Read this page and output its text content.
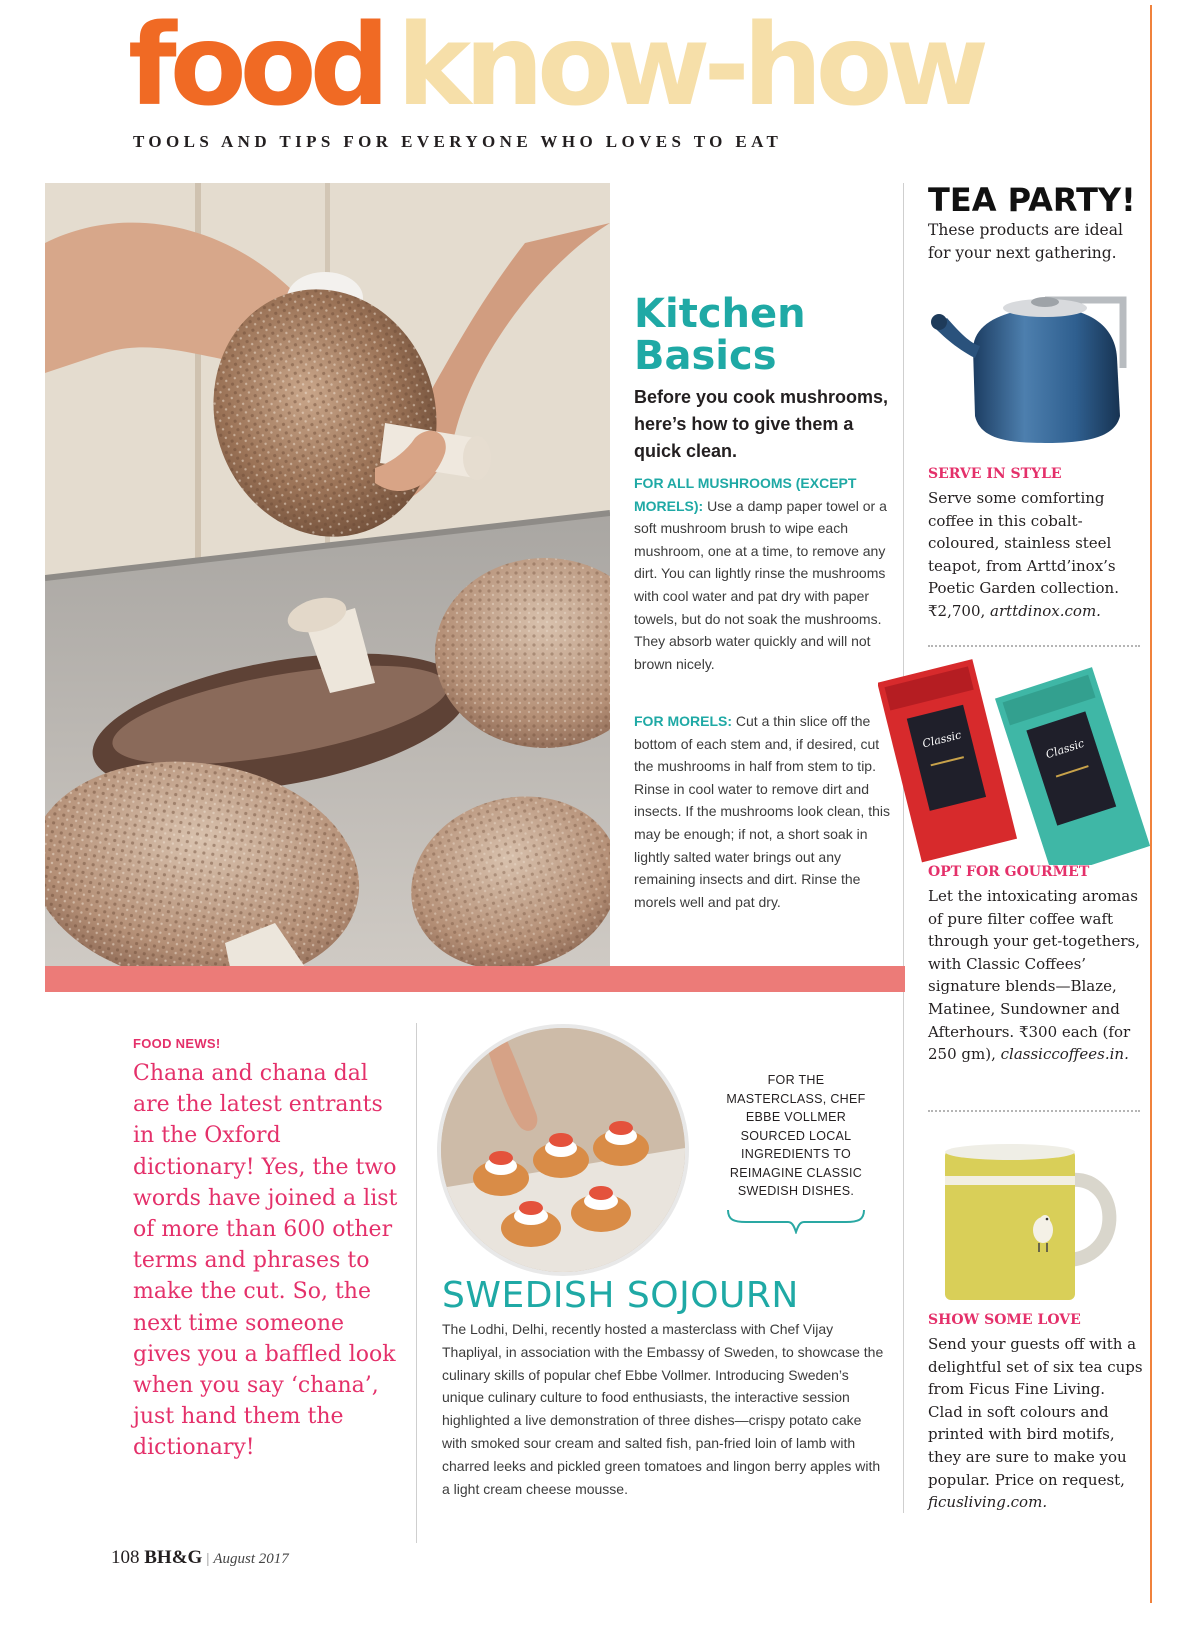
food know-how
TOOLS AND TIPS FOR EVERYONE WHO LOVES TO EAT
Kitchen Basics
Before you cook mushrooms, here’s how to give them a quick clean.
FOR ALL MUSHROOMS (EXCEPT MORELS): Use a damp paper towel or a soft mushroom brush to wipe each mushroom, one at a time, to remove any dirt. You can lightly rinse the mushrooms with cool water and pat dry with paper towels, but do not soak the mushrooms. They absorb water quickly and will not brown nicely.
FOR MORELS: Cut a thin slice off the bottom of each stem and, if desired, cut the mushrooms in half from stem to tip. Rinse in cool water to remove dirt and insects. If the mushrooms look clean, this may be enough; if not, a short soak in lightly salted water brings out any remaining insects and dirt. Rinse the morels well and pat dry.
TEA PARTY!
These products are ideal for your next gathering.
SERVE IN STYLE
Serve some comforting coffee in this cobalt-coloured, stainless steel teapot, from Arttd’inox’s Poetic Garden collection. ₹2,700, arttdinox.com.
Classic	Classic
OPT FOR GOURMET
Let the intoxicating aromas of pure filter coffee waft through your get-togethers, with Classic Coffees’ signature blends—Blaze, Matinee, Sundowner and Afterhours. ₹300 each (for 250 gm), classiccoffees.in.
SHOW SOME LOVE
Send your guests off with a delightful set of six tea cups from Ficus Fine Living. Clad in soft colours and printed with bird motifs, they are sure to make you popular. Price on request, ficusliving.com.
FOOD NEWS!
Chana and chana dal are the latest entrants in the Oxford dictionary! Yes, the two words have joined a list of more than 600 other terms and phrases to make the cut. So, the next time someone gives you a baffled look when you say ‘chana’, just hand them the dictionary!
FOR THE MASTERCLASS, CHEF EBBE VOLLMER SOURCED LOCAL INGREDIENTS TO REIMAGINE CLASSIC SWEDISH DISHES.
SWEDISH SOJOURN
The Lodhi, Delhi, recently hosted a masterclass with Chef Vijay Thapliyal, in association with the Embassy of Sweden, to showcase the culinary skills of popular chef Ebbe Vollmer. Introducing Sweden’s unique culinary culture to food enthusiasts, the interactive session highlighted a live demonstration of three dishes—crispy potato cake with smoked sour cream and salted fish, pan-fried loin of lamb with charred leeks and pickled green tomatoes and lingon berry apples with a light cream cheese mousse.
108 BH&G | August 2017
